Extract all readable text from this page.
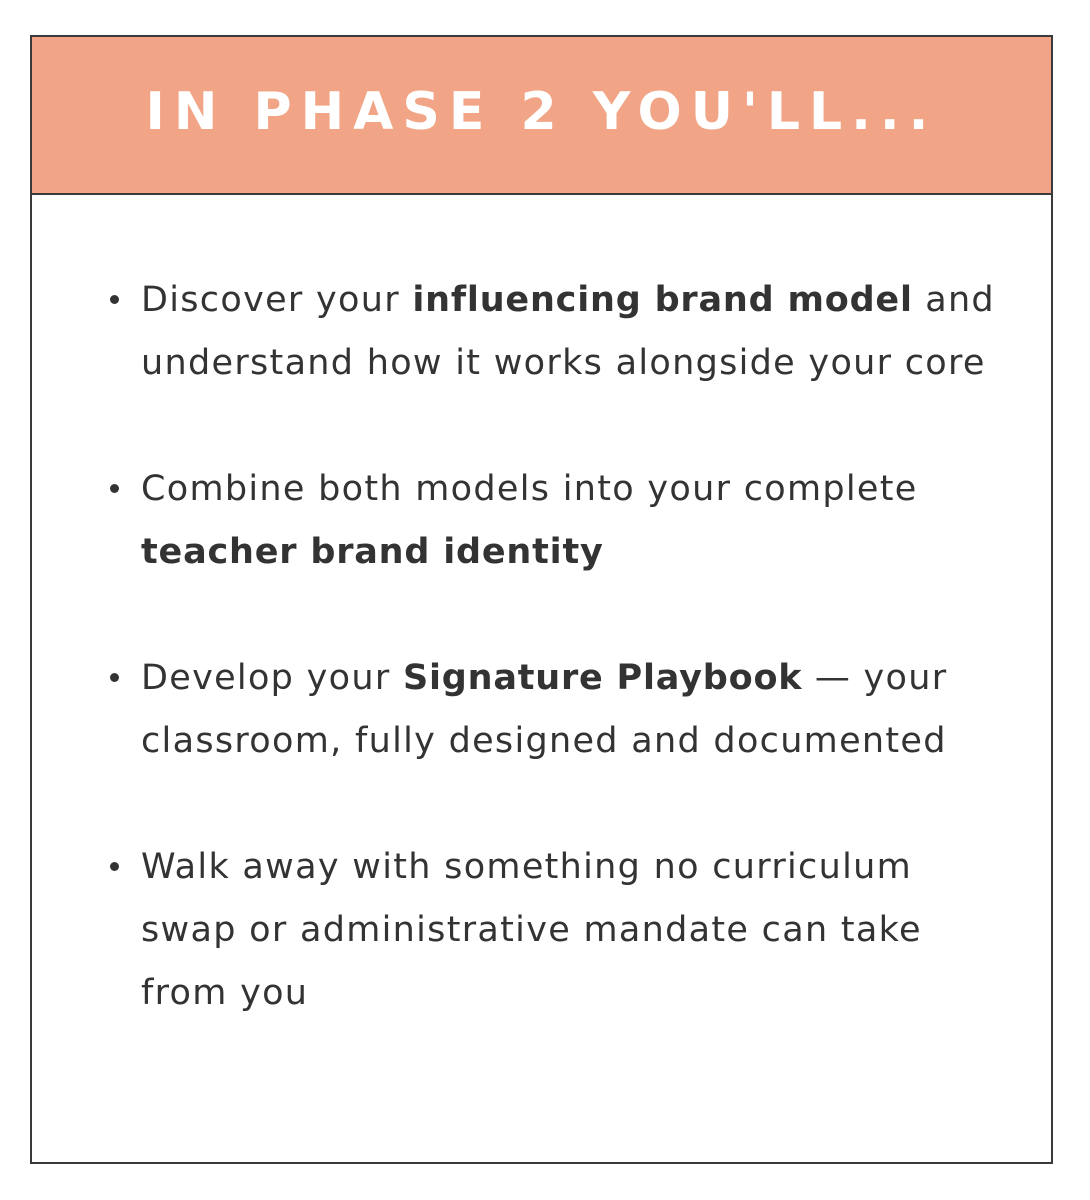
IN PHASE 2 YOU'LL...
Discover your influencing brand model and
understand how it works alongside your core
Combine both models into your complete
teacher brand identity
Develop your Signature Playbook — your
classroom, fully designed and documented
Walk away with something no curriculum
swap or administrative mandate can take
from you
